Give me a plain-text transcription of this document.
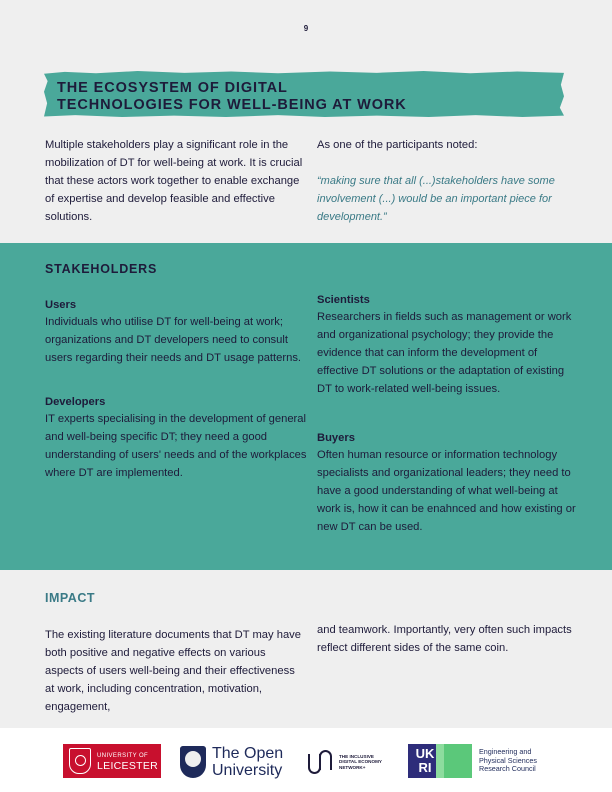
9
THE ECOSYSTEM OF DIGITAL
TECHNOLOGIES FOR WELL-BEING AT WORK

Multiple stakeholders play a significant role in the mobilization of DT for well-being at work. It is crucial that these actors work together to enable exchange of expertise and develop feasible and effective solutions.

As one of the participants noted:

“making sure that all (...)stakeholders have some involvement (...) would be an important piece for development.”

STAKEHOLDERS
Users
Individuals who utilise DT for well-being at work; organizations and DT developers need to consult users regarding their needs and DT usage patterns.
Developers
IT experts specialising in the development of general and well-being specific DT; they need a good understanding of users' needs and of the workplaces where DT are implemented.
Scientists
Researchers in fields such as management or work and organizational psychology; they provide the evidence that can inform the development of effective DT solutions or the adaptation of existing DT to work-related well-being issues.
Buyers
Often human resource or information technology specialists and organizational leaders; they need to have a good understanding of what well-being at work is, how it can be enahnced and how existing or new DT can be used.
IMPACT

The existing literature documents that DT may have both positive and negative effects on various aspects of users well-being and their effectiveness at work, including concentration, motivation, engagement,

and teamwork. Importantly, very often such impacts reflect different sides of the same coin.

UNIVERSITY OF
LEICESTER
The Open
University
THE INCLUSIVE
DIGITAL ECONOMY
NETWORK+
UK
RI
Engineering and
Physical Sciences
Research Council
